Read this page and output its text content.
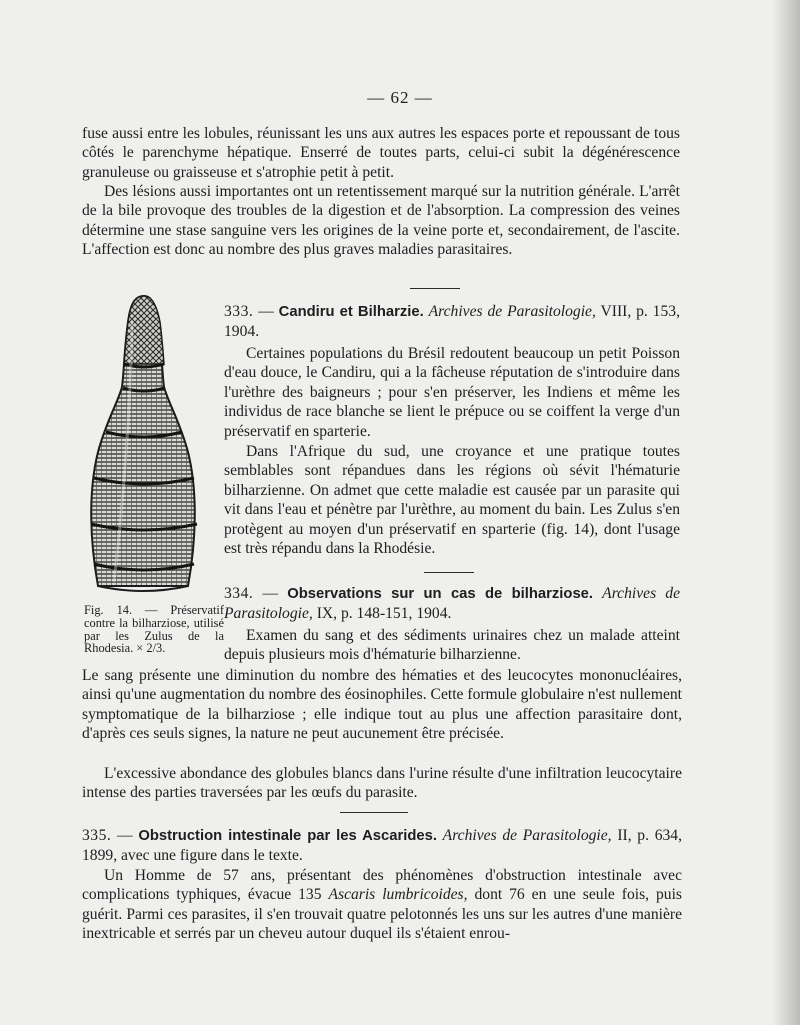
— 62 —

fuse aussi entre les lobules, réunissant les uns aux autres les espaces porte et repoussant de tous côtés le parenchyme hépatique. Enserré de toutes parts, celui-ci subit la dégénérescence granuleuse ou graisseuse et s'atrophie petit à petit.

Des lésions aussi importantes ont un retentissement marqué sur la nutrition générale. L'arrêt de la bile provoque des troubles de la digestion et de l'absorption. La compression des veines détermine une stase sanguine vers les origines de la veine porte et, secondairement, de l'ascite. L'affection est donc au nombre des plus graves maladies parasitaires.

Fig. 14. — Préservatif contre la bilharziose, utilisé par les Zulus de la Rhodesia. × 2/3.

333. — Candiru et Bilharzie. Archives de Parasitologie, VIII, p. 153, 1904.

Certaines populations du Brésil redoutent beaucoup un petit Poisson d'eau douce, le Candiru, qui a la fâcheuse réputation de s'introduire dans l'urèthre des baigneurs ; pour s'en préserver, les Indiens et même les individus de race blanche se lient le prépuce ou se coiffent la verge d'un préservatif en sparterie.

Dans l'Afrique du sud, une croyance et une pratique toutes semblables sont répandues dans les régions où sévit l'hématurie bilharzienne. On admet que cette maladie est causée par un parasite qui vit dans l'eau et pénètre par l'urèthre, au moment du bain. Les Zulus s'en protègent au moyen d'un préservatif en sparterie (fig. 14), dont l'usage est très répandu dans la Rhodésie.

334. — Observations sur un cas de bilharziose. Archives de Parasitologie, IX, p. 148-151, 1904.

Examen du sang et des sédiments urinaires chez un malade atteint depuis plusieurs mois d'hématurie bilharzienne.

Le sang présente une diminution du nombre des hématies et des leucocytes mononucléaires, ainsi qu'une augmentation du nombre des éosinophiles. Cette formule globulaire n'est nullement symptomatique de la bilharziose ; elle indique tout au plus une affection parasitaire dont, d'après ces seuls signes, la nature ne peut aucunement être précisée.

L'excessive abondance des globules blancs dans l'urine résulte d'une infiltration leucocytaire intense des parties traversées par les œufs du parasite.

335. — Obstruction intestinale par les Ascarides. Archives de Parasitologie, II, p. 634, 1899, avec une figure dans le texte.

Un Homme de 57 ans, présentant des phénomènes d'obstruction intestinale avec complications typhiques, évacue 135 Ascaris lumbricoides, dont 76 en une seule fois, puis guérit. Parmi ces parasites, il s'en trouvait quatre pelotonnés les uns sur les autres d'une manière inextricable et serrés par un cheveu autour duquel ils s'étaient enrou-
